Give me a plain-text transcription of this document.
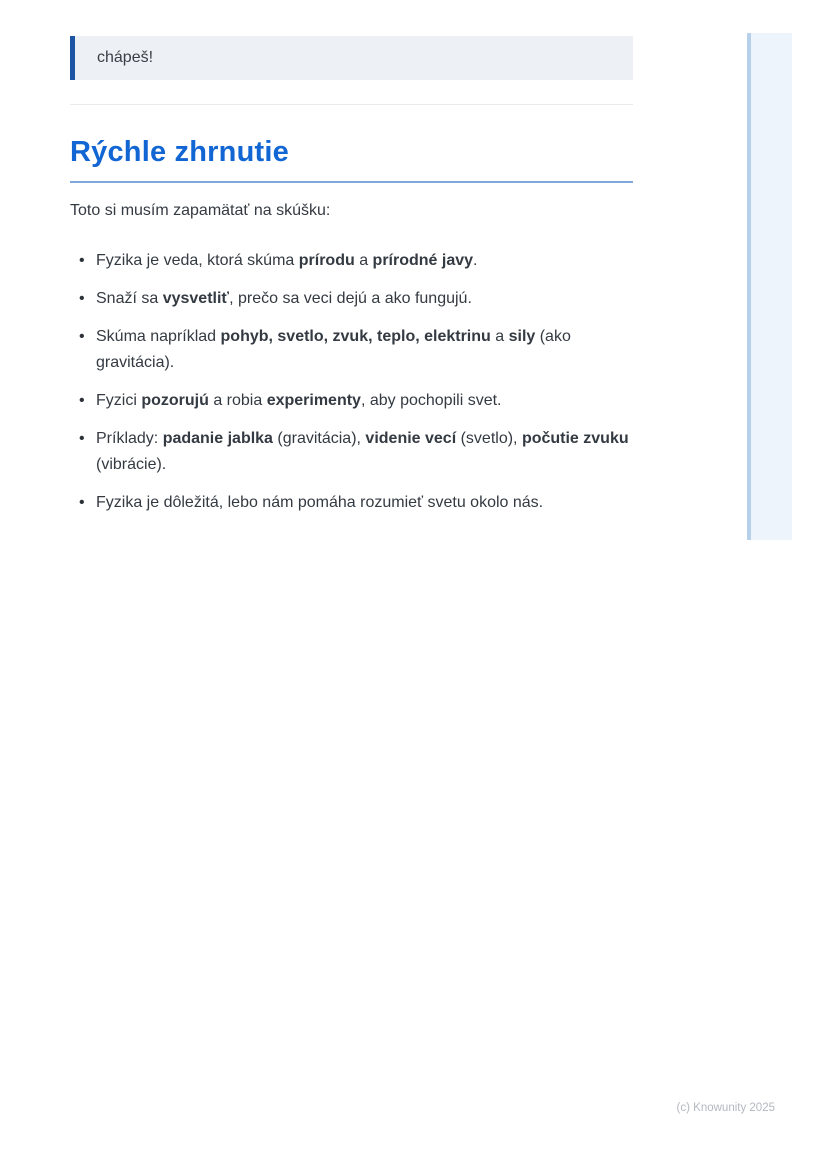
chápeš!
Rýchle zhrnutie

Toto si musím zapamätať na skúšku:

• Fyzika je veda, ktorá skúma prírodu a prírodné javy.
• Snaží sa vysvetliť, prečo sa veci dejú a ako fungujú.
• Skúma napríklad pohyb, svetlo, zvuk, teplo, elektrinu a sily (ako gravitácia).
• Fyzici pozorujú a robia experimenty, aby pochopili svet.
• Príklady: padanie jablka (gravitácia), videnie vecí (svetlo), počutie zvuku (vibrácie).
• Fyzika je dôležitá, lebo nám pomáha rozumieť svetu okolo nás.
(c) Knowunity 2025
